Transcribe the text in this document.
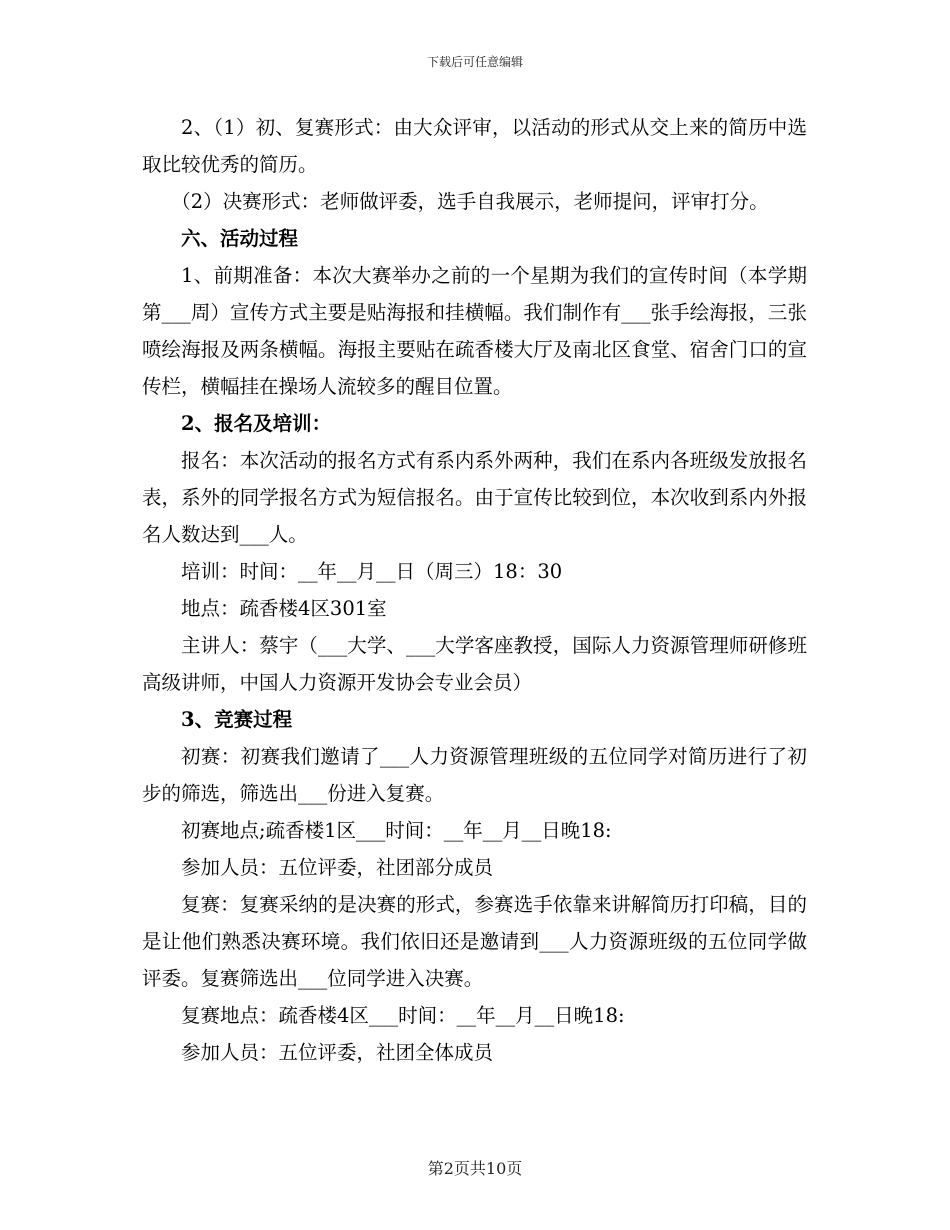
下载后可任意编辑

2、（1）初、复赛形式：由大众评审，以活动的形式从交上来的简历中选取比较优秀的简历。

（2）决赛形式：老师做评委，选手自我展示，老师提问，评审打分。

六、活动过程

1、前期准备：本次大赛举办之前的一个星期为我们的宣传时间（本学期第___周）宣传方式主要是贴海报和挂横幅。我们制作有___张手绘海报，三张喷绘海报及两条横幅。海报主要贴在疏香楼大厅及南北区食堂、宿舍门口的宣传栏，横幅挂在操场人流较多的醒目位置。

2、报名及培训：

报名：本次活动的报名方式有系内系外两种，我们在系内各班级发放报名表，系外的同学报名方式为短信报名。由于宣传比较到位，本次收到系内外报名人数达到___人。

培训：时间：__年__月__日（周三）18：30

地点：疏香楼4区301室

主讲人：蔡宇（___大学、___大学客座教授，国际人力资源管理师研修班高级讲师，中国人力资源开发协会专业会员）

3、竞赛过程

初赛：初赛我们邀请了___人力资源管理班级的五位同学对简历进行了初步的筛选，筛选出___份进入复赛。

初赛地点;疏香楼1区___时间：__年__月__日晚18:

参加人员：五位评委，社团部分成员

复赛：复赛采纳的是决赛的形式，参赛选手依靠来讲解简历打印稿，目的是让他们熟悉决赛环境。我们依旧还是邀请到___人力资源班级的五位同学做评委。复赛筛选出___位同学进入决赛。

复赛地点：疏香楼4区___时间：__年__月__日晚18:

参加人员：五位评委，社团全体成员

第2页共10页
